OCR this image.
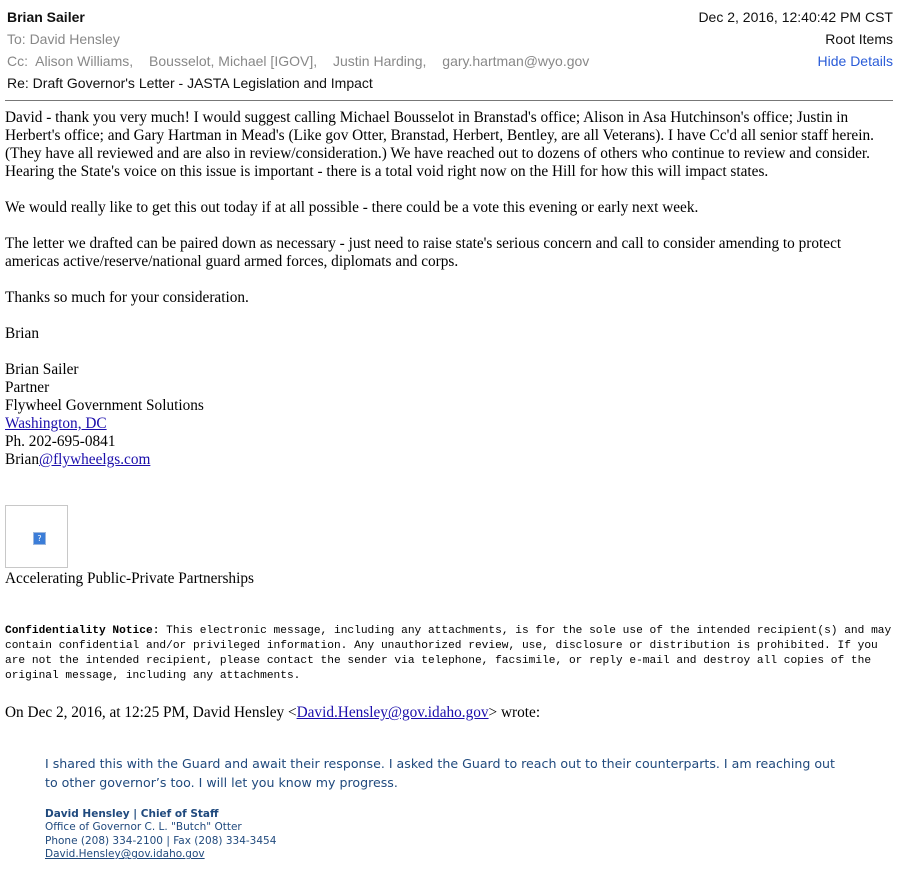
Brian Sailer
To: David Hensley
Cc: Alison Williams, Bousselot, Michael [IGOV], Justin Harding, gary.hartman@wyo.gov
Re: Draft Governor's Letter - JASTA Legislation and Impact
Dec 2, 2016, 12:40:42 PM CST
Root Items
Hide Details

David - thank you very much! I would suggest calling Michael Bousselot in Branstad's office; Alison in Asa Hutchinson's office; Justin in Herbert's office; and Gary Hartman in Mead's (Like gov Otter, Branstad, Herbert, Bentley, are all Veterans). I have Cc'd all senior staff herein. (They have all reviewed and are also in review/consideration.) We have reached out to dozens of others who continue to review and consider. Hearing the State's voice on this issue is important - there is a total void right now on the Hill for how this will impact states.

We would really like to get this out today if at all possible - there could be a vote this evening or early next week.

The letter we drafted can be paired down as necessary - just need to raise state's serious concern and call to consider amending to protect americas active/reserve/national guard armed forces, diplomats and corps.

Thanks so much for your consideration.

Brian

Brian Sailer
Partner
Flywheel Government Solutions
Washington, DC
Ph. 202-695-0841
Brian@flywheelgs.com
?
Accelerating Public-Private Partnerships
Confidentiality Notice: This electronic message, including any attachments, is for the sole use of the intended recipient(s) and may contain confidential and/or privileged information. Any unauthorized review, use, disclosure or distribution is prohibited. If you are not the intended recipient, please contact the sender via telephone, facsimile, or reply e-mail and destroy all copies of the original message, including any attachments.
On Dec 2, 2016, at 12:25 PM, David Hensley <David.Hensley@gov.idaho.gov> wrote:
I shared this with the Guard and await their response. I asked the Guard to reach out to their counterparts. I am reaching out to other governor’s too. I will let you know my progress.
David Hensley | Chief of Staff
Office of Governor C. L. "Butch" Otter
Phone (208) 334-2100 | Fax (208) 334-3454
David.Hensley@gov.idaho.gov
